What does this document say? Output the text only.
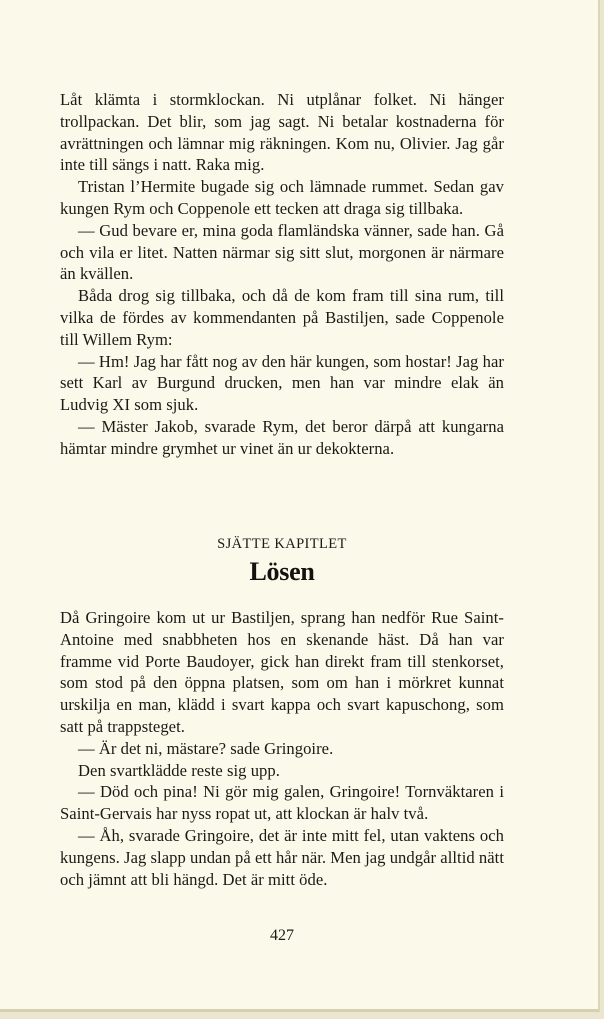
Låt klämta i stormklockan. Ni utplånar folket. Ni hänger trollpackan. Det blir, som jag sagt. Ni betalar kostnaderna för avrättningen och lämnar mig räkningen. Kom nu, Olivier. Jag går inte till sängs i natt. Raka mig.

Tristan l’Hermite bugade sig och lämnade rummet. Sedan gav kungen Rym och Coppenole ett tecken att draga sig tillbaka.

— Gud bevare er, mina goda flamländska vänner, sade han. Gå och vila er litet. Natten närmar sig sitt slut, morgonen är närmare än kvällen.

Båda drog sig tillbaka, och då de kom fram till sina rum, till vilka de fördes av kommendanten på Bastiljen, sade Coppenole till Willem Rym:

— Hm! Jag har fått nog av den här kungen, som hostar! Jag har sett Karl av Burgund drucken, men han var mindre elak än Ludvig XI som sjuk.

— Mäster Jakob, svarade Rym, det beror därpå att kungarna hämtar mindre grymhet ur vinet än ur dekokterna.

SJÄTTE KAPITLET

Lösen

Då Gringoire kom ut ur Bastiljen, sprang han nedför Rue Saint-Antoine med snabbheten hos en skenande häst. Då han var framme vid Porte Baudoyer, gick han direkt fram till stenkorset, som stod på den öppna platsen, som om han i mörkret kunnat urskilja en man, klädd i svart kappa och svart kapuschong, som satt på trappsteget.

— Är det ni, mästare? sade Gringoire.

Den svartklädde reste sig upp.

— Död och pina! Ni gör mig galen, Gringoire! Tornväktaren i Saint-Gervais har nyss ropat ut, att klockan är halv två.

— Åh, svarade Gringoire, det är inte mitt fel, utan vaktens och kungens. Jag slapp undan på ett hår när. Men jag undgår alltid nätt och jämnt att bli hängd. Det är mitt öde.

427
